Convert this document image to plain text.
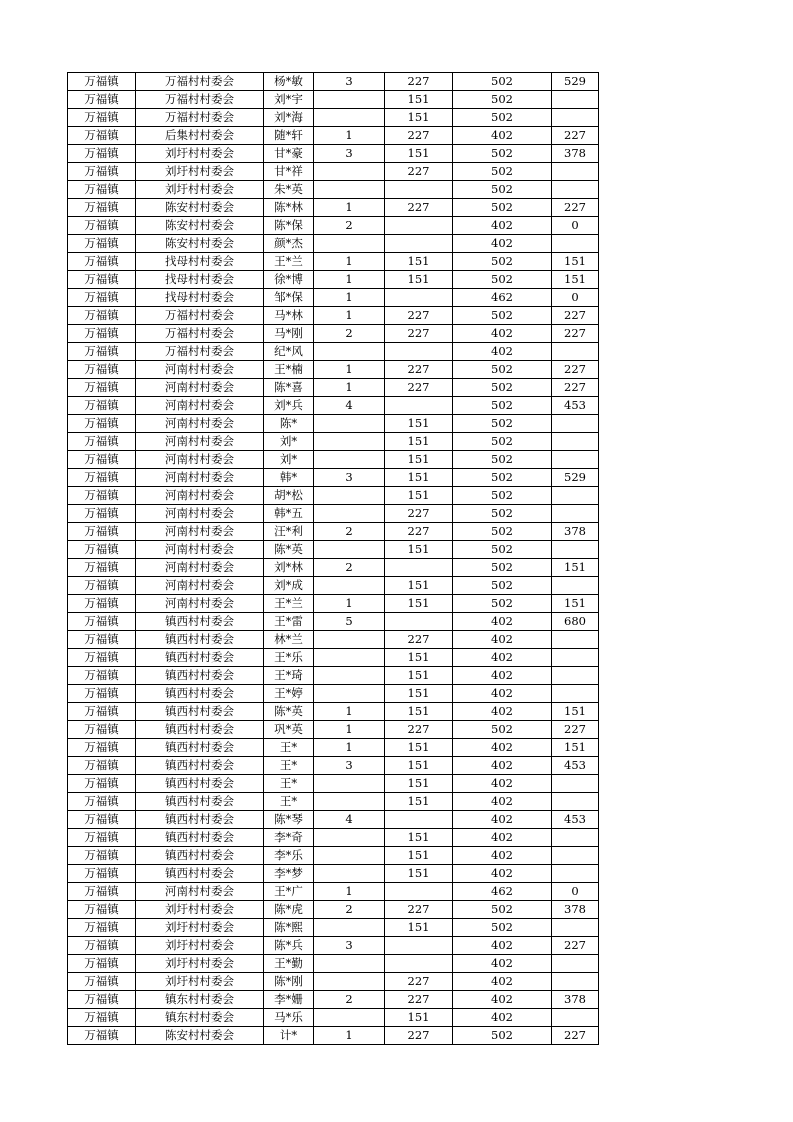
万福镇	万福村村委会	杨*敏	3	227	502	529
万福镇	万福村村委会	刘*宇		151	502	
万福镇	万福村村委会	刘*海		151	502	
万福镇	后集村村委会	随*轩	1	227	402	227
万福镇	刘圩村村委会	甘*豪	3	151	502	378
万福镇	刘圩村村委会	甘*祥		227	502	
万福镇	刘圩村村委会	朱*英			502	
万福镇	陈安村村委会	陈*林	1	227	502	227
万福镇	陈安村村委会	陈*保	2		402	0
万福镇	陈安村村委会	颜*杰			402	
万福镇	找母村村委会	王*兰	1	151	502	151
万福镇	找母村村委会	徐*博	1	151	502	151
万福镇	找母村村委会	邹*保	1		462	0
万福镇	万福村村委会	马*林	1	227	502	227
万福镇	万福村村委会	马*刚	2	227	402	227
万福镇	万福村村委会	纪*风			402	
万福镇	河南村村委会	王*楠	1	227	502	227
万福镇	河南村村委会	陈*喜	1	227	502	227
万福镇	河南村村委会	刘*兵	4		502	453
万福镇	河南村村委会	陈*		151	502	
万福镇	河南村村委会	刘*		151	502	
万福镇	河南村村委会	刘*		151	502	
万福镇	河南村村委会	韩*	3	151	502	529
万福镇	河南村村委会	胡*松		151	502	
万福镇	河南村村委会	韩*五		227	502	
万福镇	河南村村委会	汪*利	2	227	502	378
万福镇	河南村村委会	陈*英		151	502	
万福镇	河南村村委会	刘*林	2		502	151
万福镇	河南村村委会	刘*成		151	502	
万福镇	河南村村委会	王*兰	1	151	502	151
万福镇	镇西村村委会	王*雷	5		402	680
万福镇	镇西村村委会	林*兰		227	402	
万福镇	镇西村村委会	王*乐		151	402	
万福镇	镇西村村委会	王*琦		151	402	
万福镇	镇西村村委会	王*婷		151	402	
万福镇	镇西村村委会	陈*英	1	151	402	151
万福镇	镇西村村委会	巩*英	1	227	502	227
万福镇	镇西村村委会	王*	1	151	402	151
万福镇	镇西村村委会	王*	3	151	402	453
万福镇	镇西村村委会	王*		151	402	
万福镇	镇西村村委会	王*		151	402	
万福镇	镇西村村委会	陈*琴	4		402	453
万福镇	镇西村村委会	李*奇		151	402	
万福镇	镇西村村委会	李*乐		151	402	
万福镇	镇西村村委会	李*梦		151	402	
万福镇	河南村村委会	王*广	1		462	0
万福镇	刘圩村村委会	陈*虎	2	227	502	378
万福镇	刘圩村村委会	陈*熙		151	502	
万福镇	刘圩村村委会	陈*兵	3		402	227
万福镇	刘圩村村委会	王*勤			402	
万福镇	刘圩村村委会	陈*刚		227	402	
万福镇	镇东村村委会	李*姗	2	227	402	378
万福镇	镇东村村委会	马*乐		151	402	
万福镇	陈安村村委会	计*	1	227	502	227
